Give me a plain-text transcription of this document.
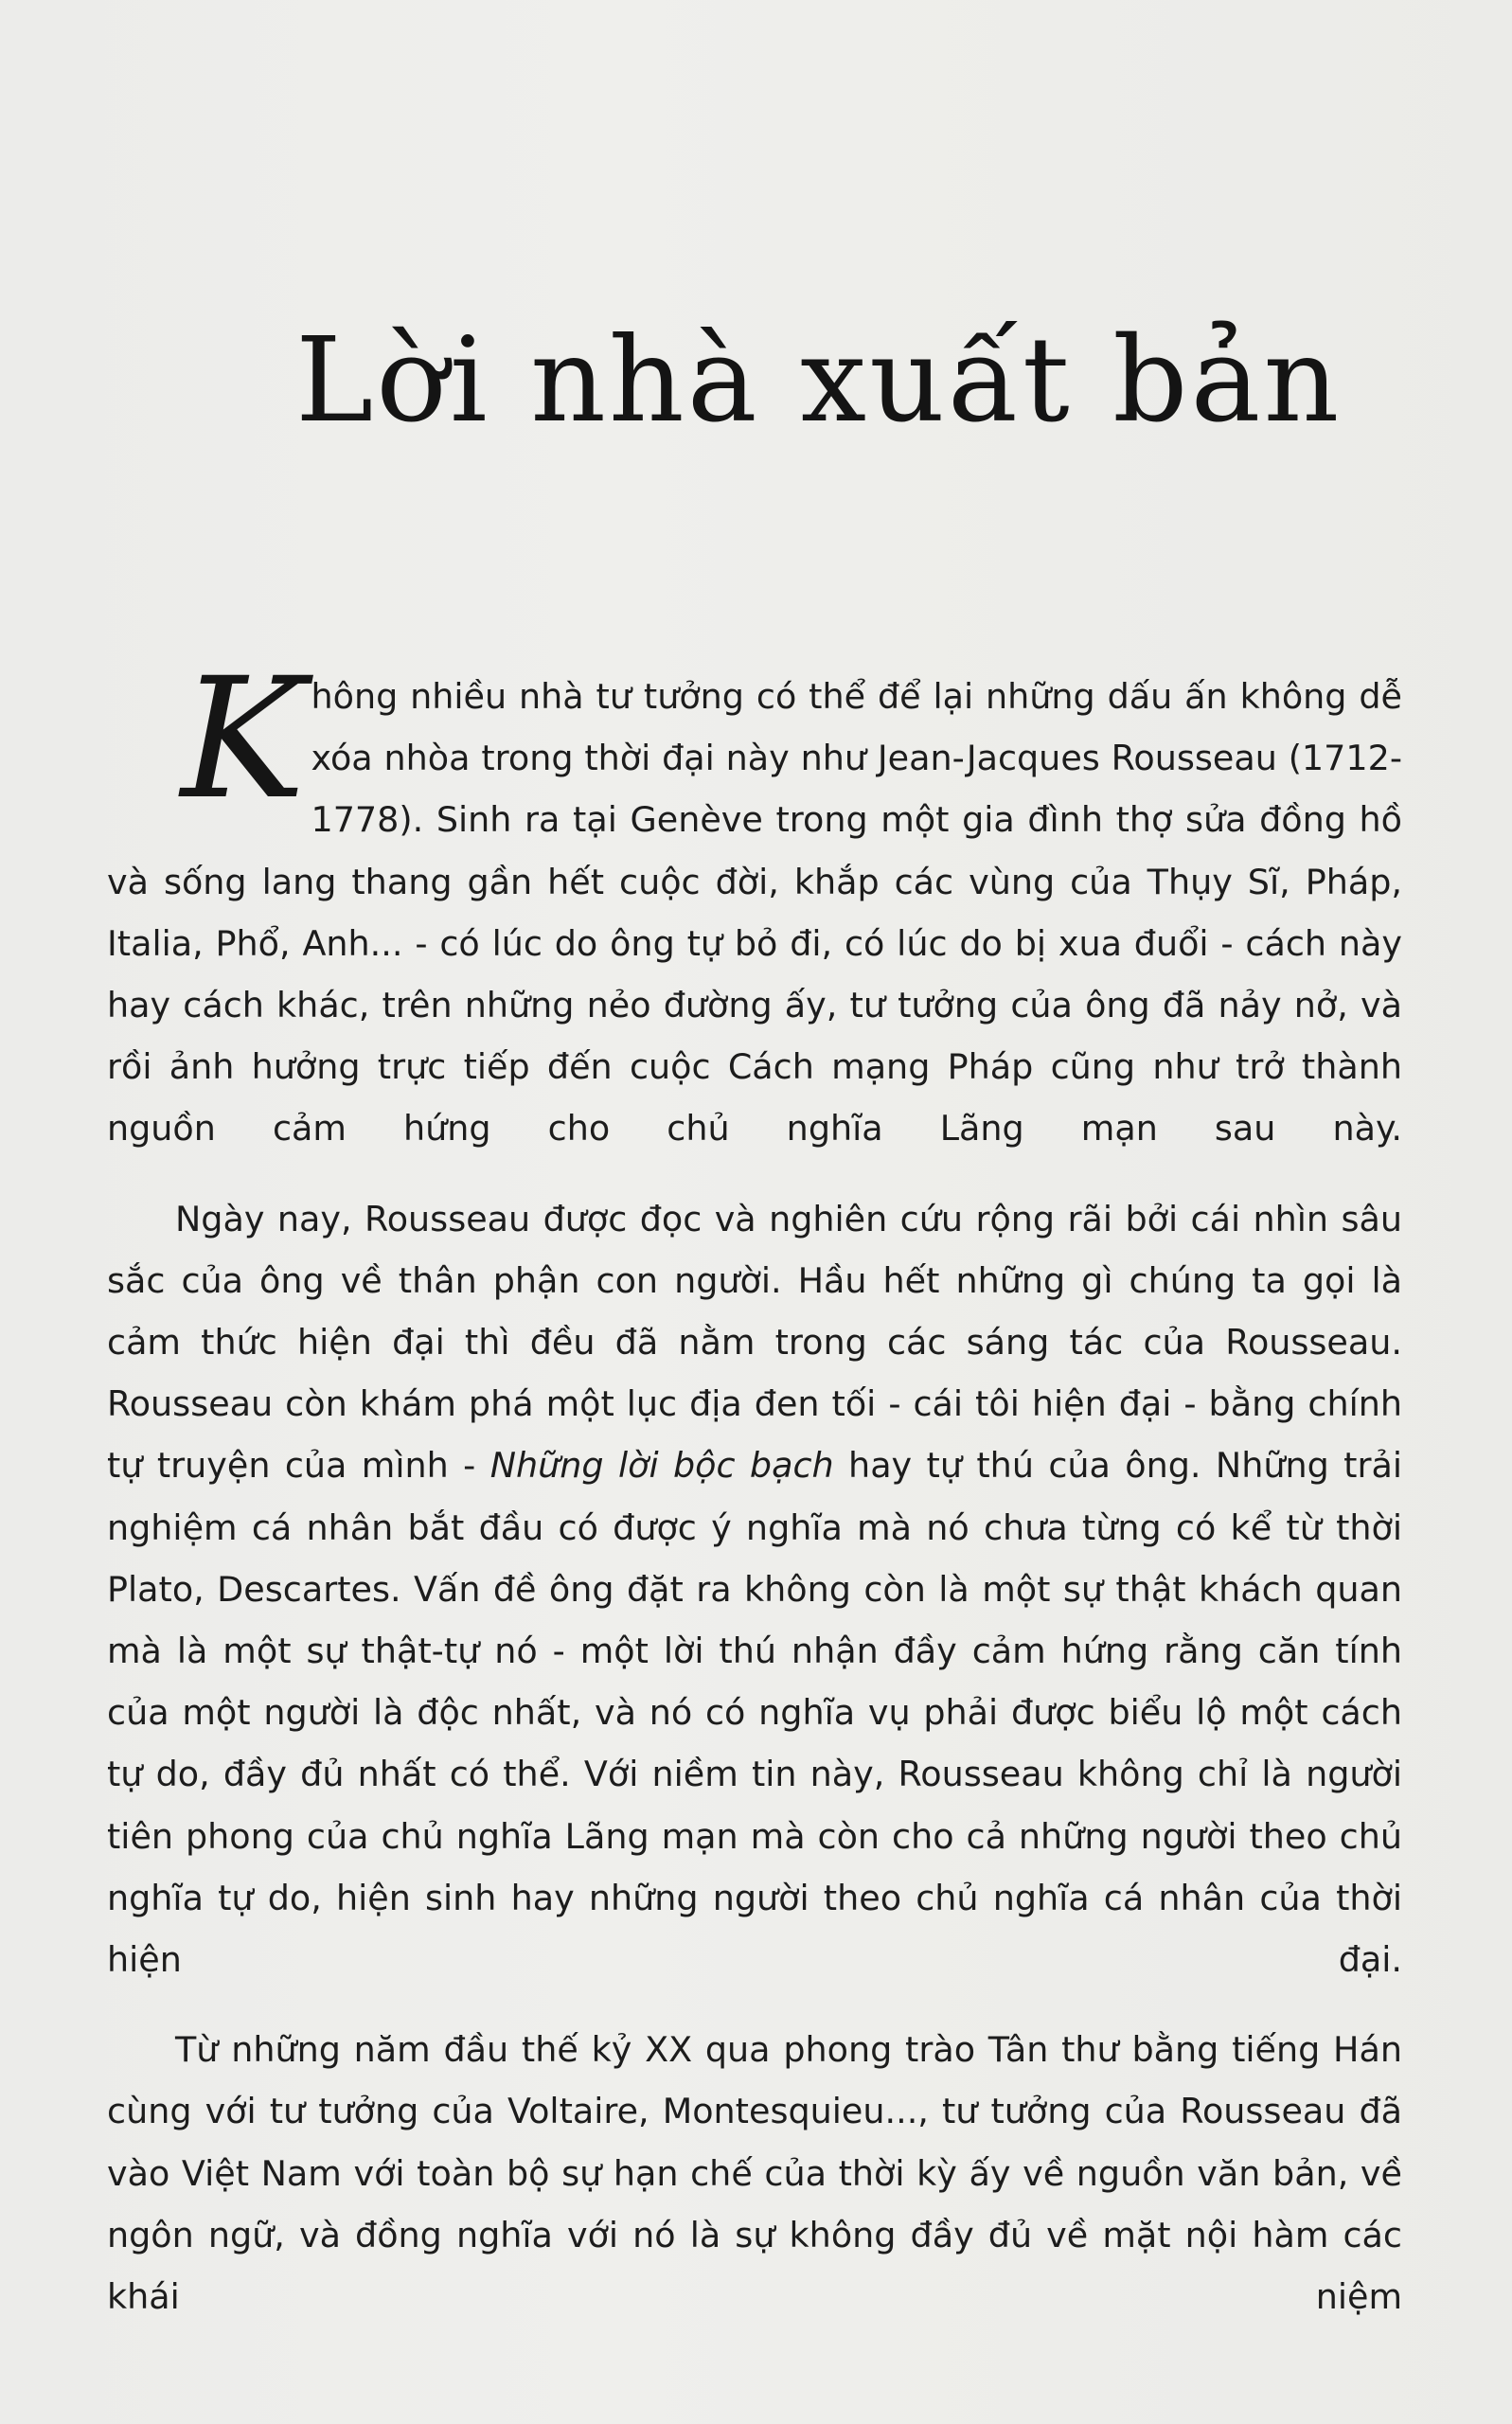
Lời nhà xuất bản

Không nhiều nhà tư tưởng có thể để lại những dấu ấn không dễ xóa nhòa trong thời đại này như Jean-Jacques Rousseau (1712-1778). Sinh ra tại Genève trong một gia đình thợ sửa đồng hồ và sống lang thang gần hết cuộc đời, khắp các vùng của Thụy Sĩ, Pháp, Italia, Phổ, Anh... - có lúc do ông tự bỏ đi, có lúc do bị xua đuổi - cách này hay cách khác, trên những nẻo đường ấy, tư tưởng của ông đã nảy nở, và rồi ảnh hưởng trực tiếp đến cuộc Cách mạng Pháp cũng như trở thành nguồn cảm hứng cho chủ nghĩa Lãng mạn sau này.

Ngày nay, Rousseau được đọc và nghiên cứu rộng rãi bởi cái nhìn sâu sắc của ông về thân phận con người. Hầu hết những gì chúng ta gọi là cảm thức hiện đại thì đều đã nằm trong các sáng tác của Rousseau. Rousseau còn khám phá một lục địa đen tối - cái tôi hiện đại - bằng chính tự truyện của mình - Những lời bộc bạch hay tự thú của ông. Những trải nghiệm cá nhân bắt đầu có được ý nghĩa mà nó chưa từng có kể từ thời Plato, Descartes. Vấn đề ông đặt ra không còn là một sự thật khách quan mà là một sự thật-tự nó - một lời thú nhận đầy cảm hứng rằng căn tính của một người là độc nhất, và nó có nghĩa vụ phải được biểu lộ một cách tự do, đầy đủ nhất có thể. Với niềm tin này, Rousseau không chỉ là người tiên phong của chủ nghĩa Lãng mạn mà còn cho cả những người theo chủ nghĩa tự do, hiện sinh hay những người theo chủ nghĩa cá nhân của thời hiện đại.

Từ những năm đầu thế kỷ XX qua phong trào Tân thư bằng tiếng Hán cùng với tư tưởng của Voltaire, Montesquieu..., tư tưởng của Rousseau đã vào Việt Nam với toàn bộ sự hạn chế của thời kỳ ấy về nguồn văn bản, về ngôn ngữ, và đồng nghĩa với nó là sự không đầy đủ về mặt nội hàm các khái niệm
